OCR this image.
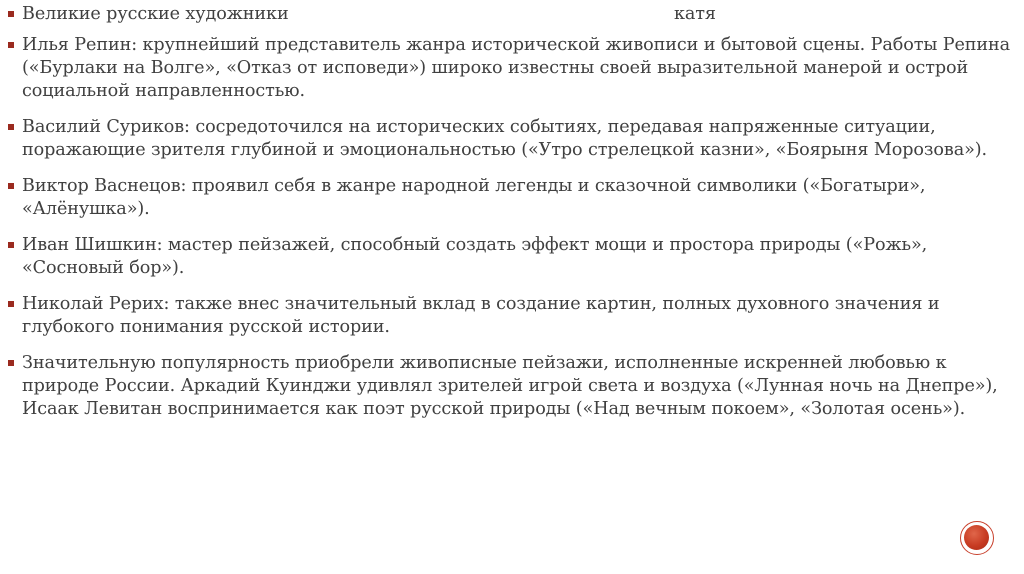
Великие русские художники	катя
Илья Репин: крупнейший представитель жанра исторической живописи и бытовой сцены. Работы Репина («Бурлаки на Волге», «Отказ от исповеди») широко известны своей выразительной манерой и острой социальной направленностью.
Василий Суриков: сосредоточился на исторических событиях, передавая напряженные ситуации, поражающие зрителя глубиной и эмоциональностью («Утро стрелецкой казни», «Боярыня Морозова»).
Виктор Васнецов: проявил себя в жанре народной легенды и сказочной символики («Богатыри», «Алёнушка»).
Иван Шишкин: мастер пейзажей, способный создать эффект мощи и простора природы («Рожь», «Сосновый бор»).
Николай Рерих: также внес значительный вклад в создание картин, полных духовного значения и глубокого понимания русской истории.
Значительную популярность приобрели живописные пейзажи, исполненные искренней любовью к природе России. Аркадий Куинджи удивлял зрителей игрой света и воздуха («Лунная ночь на Днепре»), Исаак Левитан воспринимается как поэт русской природы («Над вечным покоем», «Золотая осень»).
